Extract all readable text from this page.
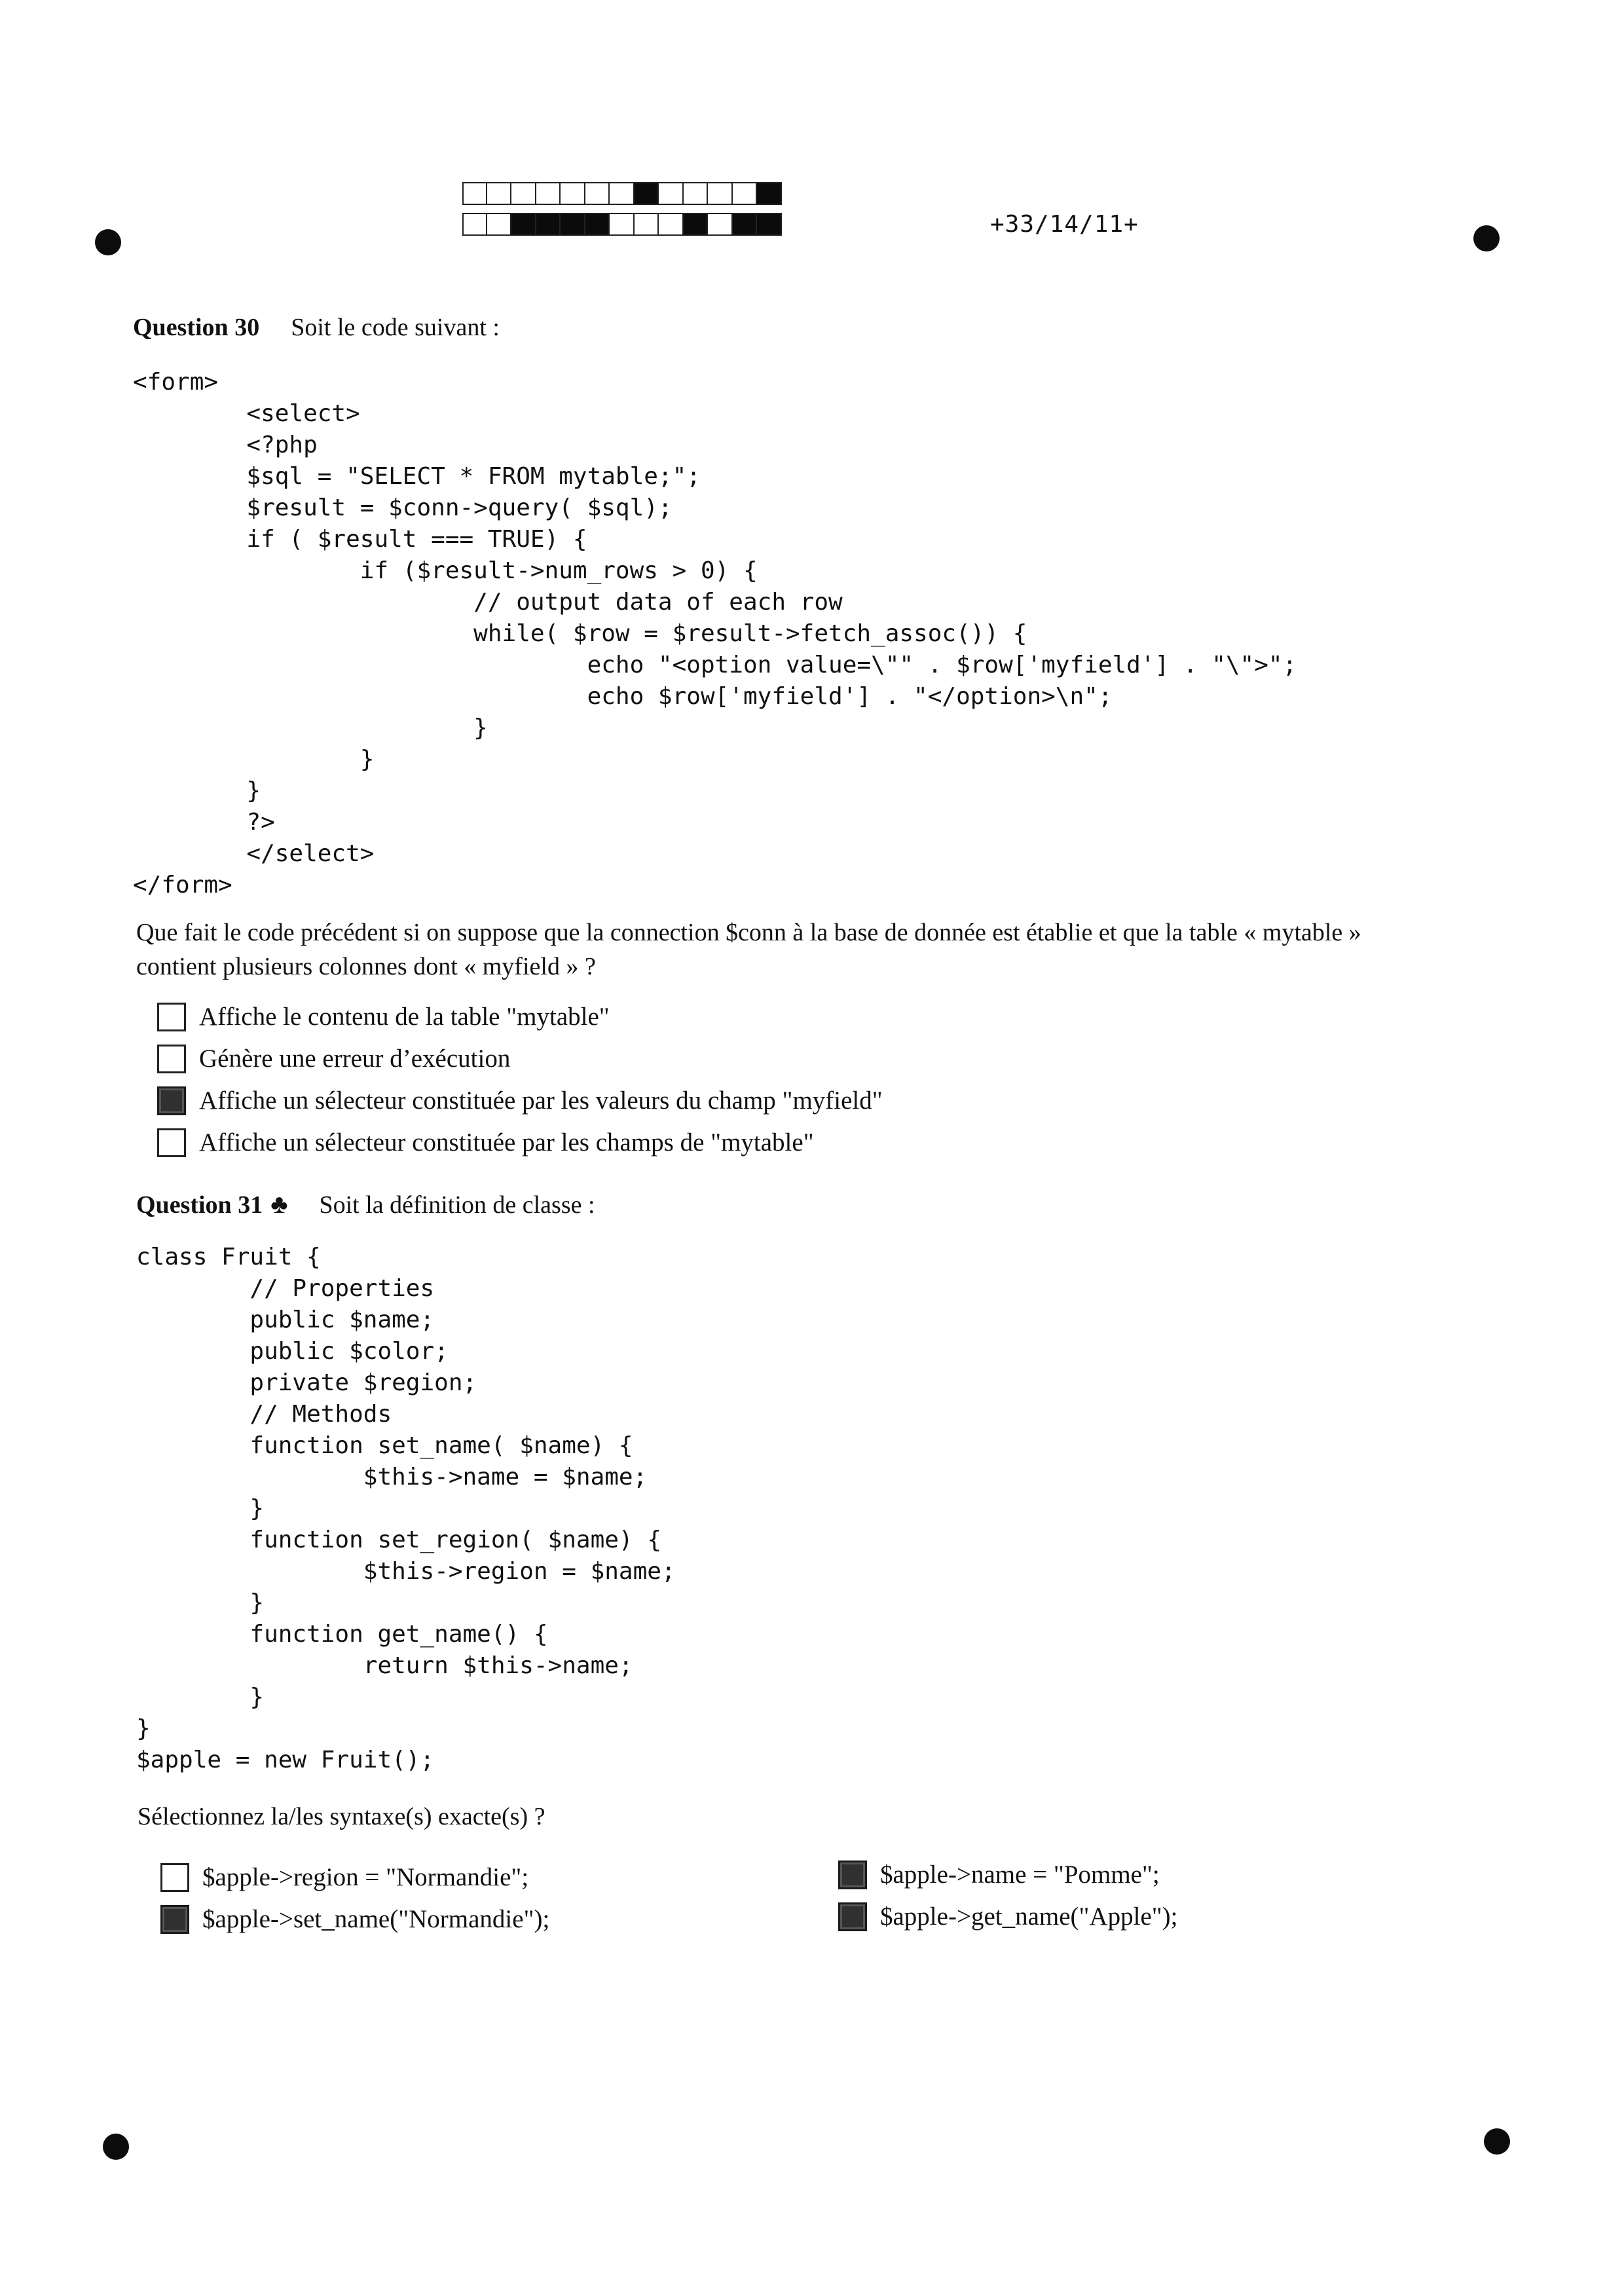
+33/14/11+
Question 30 Soit le code suivant :
<form>
<select>
<?php
$sql = "SELECT * FROM mytable;";
$result = $conn->query( $sql);
if ( $result === TRUE) {
if ($result->num_rows > 0) {
// output data of each row
while( $row = $result->fetch_assoc()) {
echo "<option value=\"" . $row['myfield'] . "\">";
echo $row['myfield'] . "</option>\n";
}
}
}
?>
</select>
</form>
Que fait le code précédent si on suppose que la connection $conn à la base de donnée est établie et que la table « mytable »
contient plusieurs colonnes dont « myfield » ?
Affiche le contenu de la table "mytable"
Génère une erreur d’exécution
Affiche un sélecteur constituée par les valeurs du champ "myfield"
Affiche un sélecteur constituée par les champs de "mytable"
Question 31 ♣ Soit la définition de classe :
class Fruit {
// Properties
public $name;
public $color;
private $region;
// Methods
function set_name( $name) {
$this->name = $name;
}
function set_region( $name) {
$this->region = $name;
}
function get_name() {
return $this->name;
}
}
$apple = new Fruit();
Sélectionnez la/les syntaxe(s) exacte(s) ?
$apple->region = "Normandie";	$apple->name = "Pomme";
$apple->set_name("Normandie");	$apple->get_name("Apple");
